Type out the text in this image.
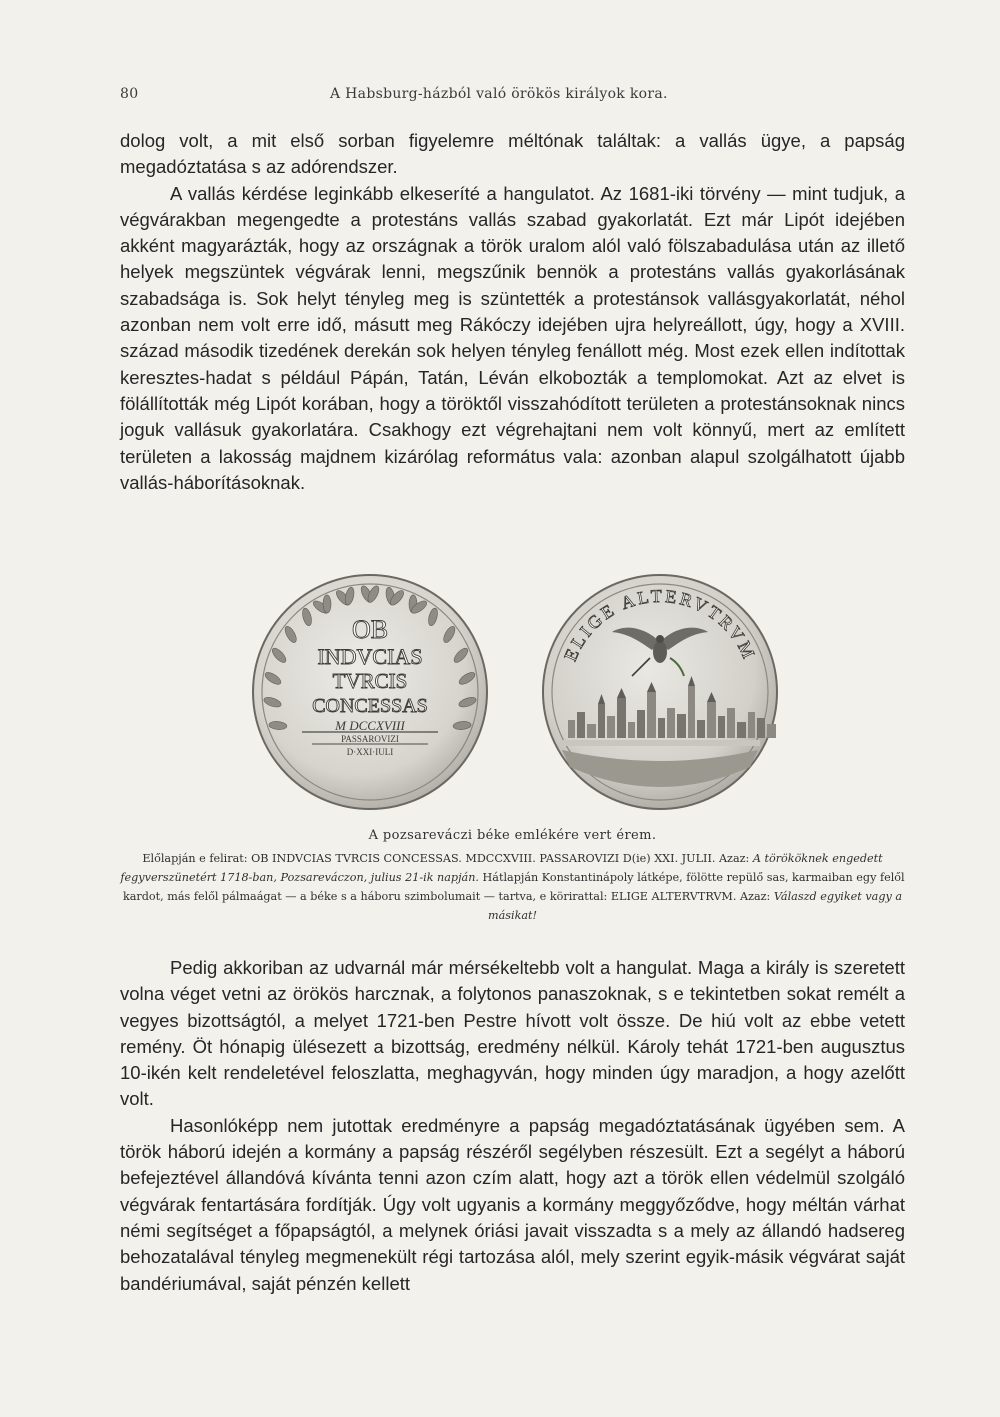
80	A Habsburg-házból való örökös királyok kora.

dolog volt, a mit első sorban figyelemre méltónak találtak: a vallás ügye, a papság megadóztatása s az adórendszer.

A vallás kérdése leginkább elkeseríté a hangulatot. Az 1681-iki törvény — mint tudjuk, a végvárakban megengedte a protestáns vallás szabad gyakorlatát. Ezt már Lipót idejében akként magyarázták, hogy az országnak a török uralom alól való fölszabadulása után az illető helyek megszüntek végvárak lenni, megszűnik bennök a protestáns vallás gyakorlásának szabadsága is. Sok helyt tényleg meg is szüntették a protestánsok vallásgyakorlatát, néhol azonban nem volt erre idő, másutt meg Rákóczy idejében ujra helyreállott, úgy, hogy a XVIII. század második tizedének derekán sok helyen tényleg fenállott még. Most ezek ellen indítottak keresztes-hadat s például Pápán, Tatán, Léván elkobozták a templomokat. Azt az elvet is fölállították még Lipót korában, hogy a töröktől visszahódított területen a protestánsoknak nincs joguk vallásuk gyakorlatára. Csakhogy ezt végrehajtani nem volt könnyű, mert az említett területen a lakosság majdnem kizárólag református vala: azonban alapul szolgálhatott újabb vallás-háborításoknak.

OB
INDVCIAS
TVRCIS
CONCESSAS
M DCCXVIII
PASSAROVIZI
D·XXI·IULI
ELIGE ALTERVTRVM
A pozsareváczi béke emlékére vert érem.
Előlapján e felirat: OB INDVCIAS TVRCIS CONCESSAS. MDCCXVIII. PASSAROVIZI D(ie) XXI. JULII. Azaz: A törököknek engedett fegyverszünetért 1718-ban, Pozsareváczon, julius 21-ik napján. Hátlapján Konstantinápoly látképe, fölötte repülő sas, karmaiban egy felől kardot, más felől pálmaágat — a béke s a háboru szimbolumait — tartva, e körirattal: ELIGE ALTERVTRVM. Azaz: Válaszd egyiket vagy a másikat!

Pedig akkoriban az udvarnál már mérsékeltebb volt a hangulat. Maga a király is szeretett volna véget vetni az örökös harcznak, a folytonos panaszoknak, s e tekintetben sokat remélt a vegyes bizottságtól, a melyet 1721-ben Pestre hívott volt össze. De hiú volt az ebbe vetett remény. Öt hónapig ülésezett a bizottság, eredmény nélkül. Károly tehát 1721-ben augusztus 10-ikén kelt rendeletével feloszlatta, meghagyván, hogy minden úgy maradjon, a hogy azelőtt volt.

Hasonlóképp nem jutottak eredményre a papság megadóztatásának ügyében sem. A török háború idején a kormány a papság részéről segélyben részesült. Ezt a segélyt a háború befejeztével állandóvá kívánta tenni azon czím alatt, hogy azt a török ellen védelmül szolgáló végvárak fentartására fordítják. Úgy volt ugyanis a kormány meggyőződve, hogy méltán várhat némi segítséget a főpapságtól, a melynek óriási javait visszadta s a mely az állandó hadsereg behozatalával tényleg megmenekült régi tartozása alól, mely szerint egyik-másik végvárat saját bandériumával, saját pénzén kellett
